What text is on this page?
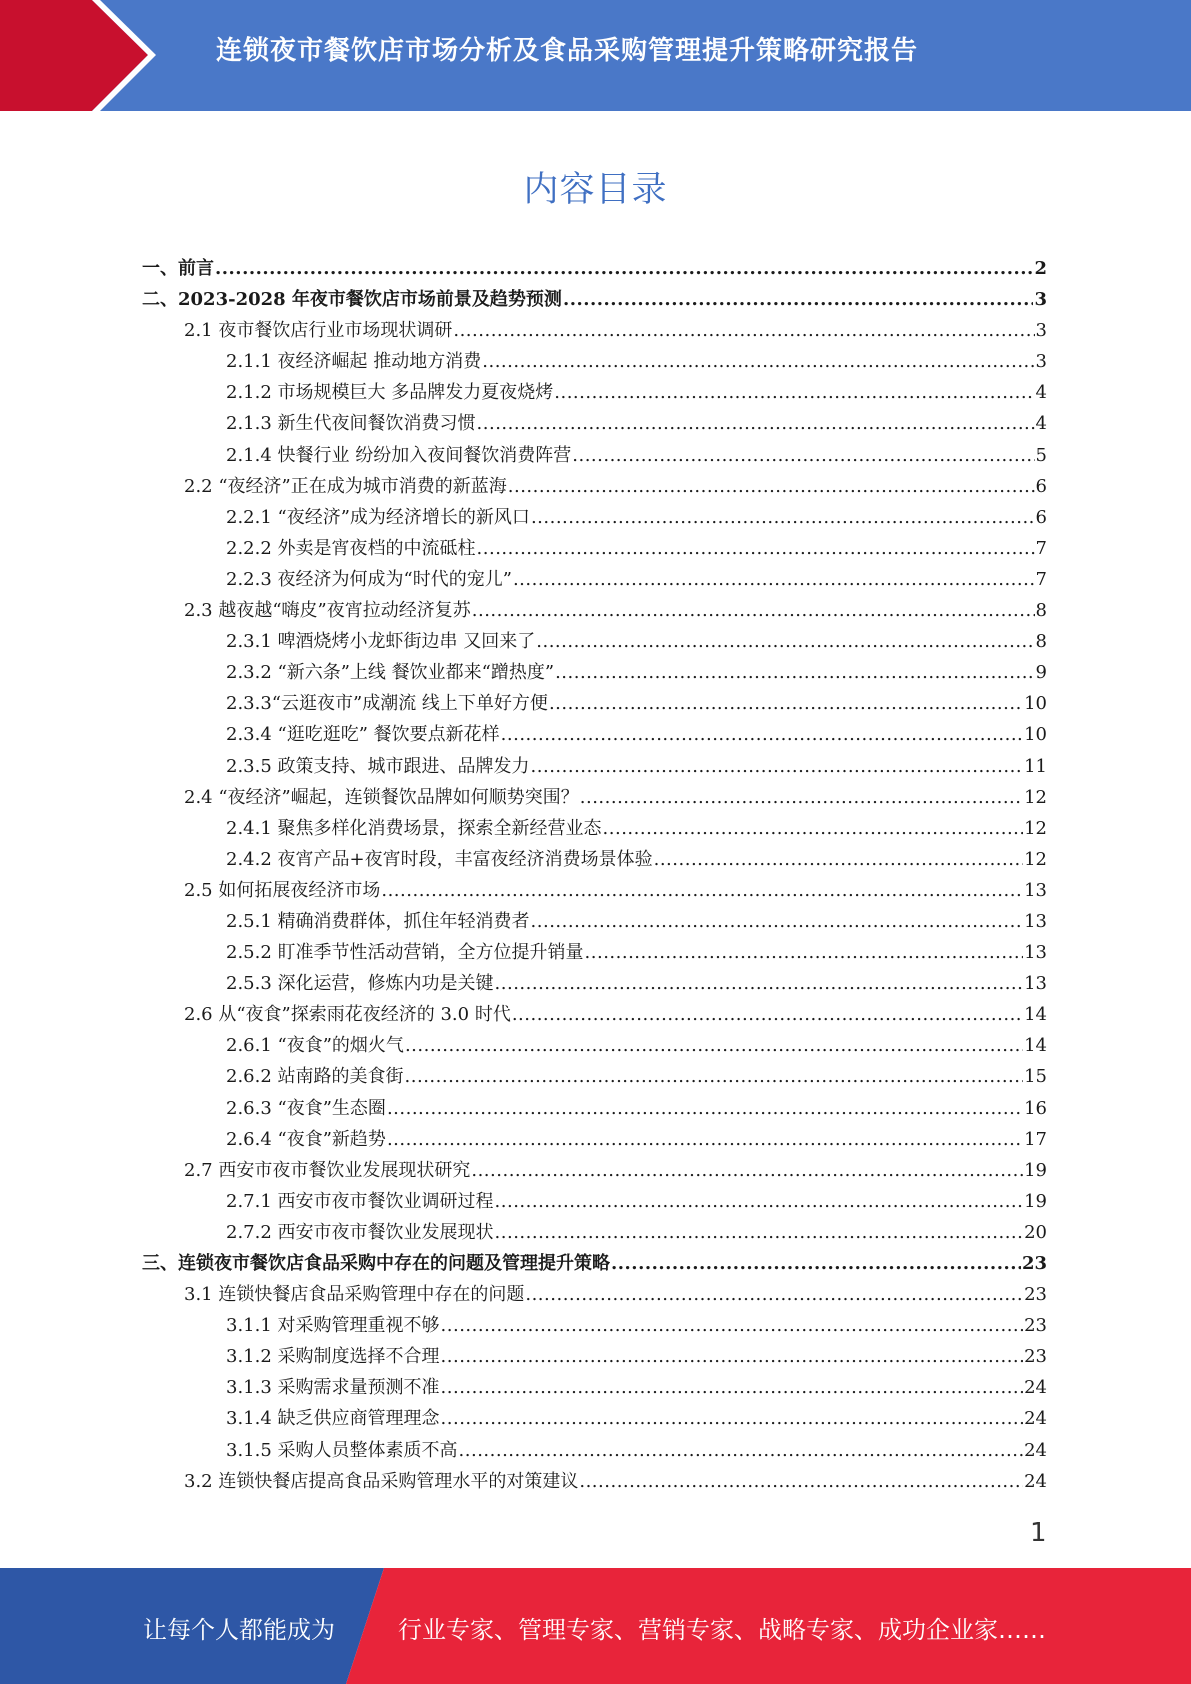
连锁夜市餐饮店市场分析及食品采购管理提升策略研究报告
内容目录
一、前言 .....	2
二、2023-2028 年夜市餐饮店市场前景及趋势预测 .....	3
2.1 夜市餐饮店行业市场现状调研 .....	3
2.1.1 夜经济崛起 推动地方消费 .....	3
2.1.2 市场规模巨大 多品牌发力夏夜烧烤 .....	4
2.1.3 新生代夜间餐饮消费习惯 .....	4
2.1.4 快餐行业 纷纷加入夜间餐饮消费阵营 .....	5
2.2 “夜经济”正在成为城市消费的新蓝海 .....	6
2.2.1 “夜经济”成为经济增长的新风口 .....	6
2.2.2 外卖是宵夜档的中流砥柱 .....	7
2.2.3 夜经济为何成为“时代的宠儿” .....	7
2.3 越夜越“嗨皮”夜宵拉动经济复苏 .....	8
2.3.1 啤酒烧烤小龙虾街边串 又回来了 .....	8
2.3.2 “新六条”上线 餐饮业都来“蹭热度” .....	9
2.3.3“云逛夜市”成潮流 线上下单好方便 .....	10
2.3.4 “逛吃逛吃” 餐饮要点新花样 .....	10
2.3.5 政策支持、城市跟进、品牌发力 .....	11
2.4 “夜经济”崛起，连锁餐饮品牌如何顺势突围？ .....	12
2.4.1 聚焦多样化消费场景，探索全新经营业态 .....	12
2.4.2 夜宵产品+夜宵时段，丰富夜经济消费场景体验 .....	12
2.5 如何拓展夜经济市场 .....	13
2.5.1 精确消费群体，抓住年轻消费者 .....	13
2.5.2 盯准季节性活动营销，全方位提升销量 .....	13
2.5.3 深化运营，修炼内功是关键 .....	13
2.6 从“夜食”探索雨花夜经济的 3.0 时代 .....	14
2.6.1 “夜食”的烟火气 .....	14
2.6.2 站南路的美食街 .....	15
2.6.3 “夜食”生态圈 .....	16
2.6.4 “夜食”新趋势 .....	17
2.7 西安市夜市餐饮业发展现状研究 .....	19
2.7.1 西安市夜市餐饮业调研过程 .....	19
2.7.2 西安市夜市餐饮业发展现状 .....	20
三、连锁夜市餐饮店食品采购中存在的问题及管理提升策略 .....	23
3.1 连锁快餐店食品采购管理中存在的问题 .....	23
3.1.1 对采购管理重视不够 .....	23
3.1.2 采购制度选择不合理 .....	23
3.1.3 采购需求量预测不准 .....	24
3.1.4 缺乏供应商管理理念 .....	24
3.1.5 采购人员整体素质不高 .....	24
3.2 连锁快餐店提高食品采购管理水平的对策建议 .....	24
1
让每个人都能成为	行业专家、管理专家、营销专家、战略专家、成功企业家……
